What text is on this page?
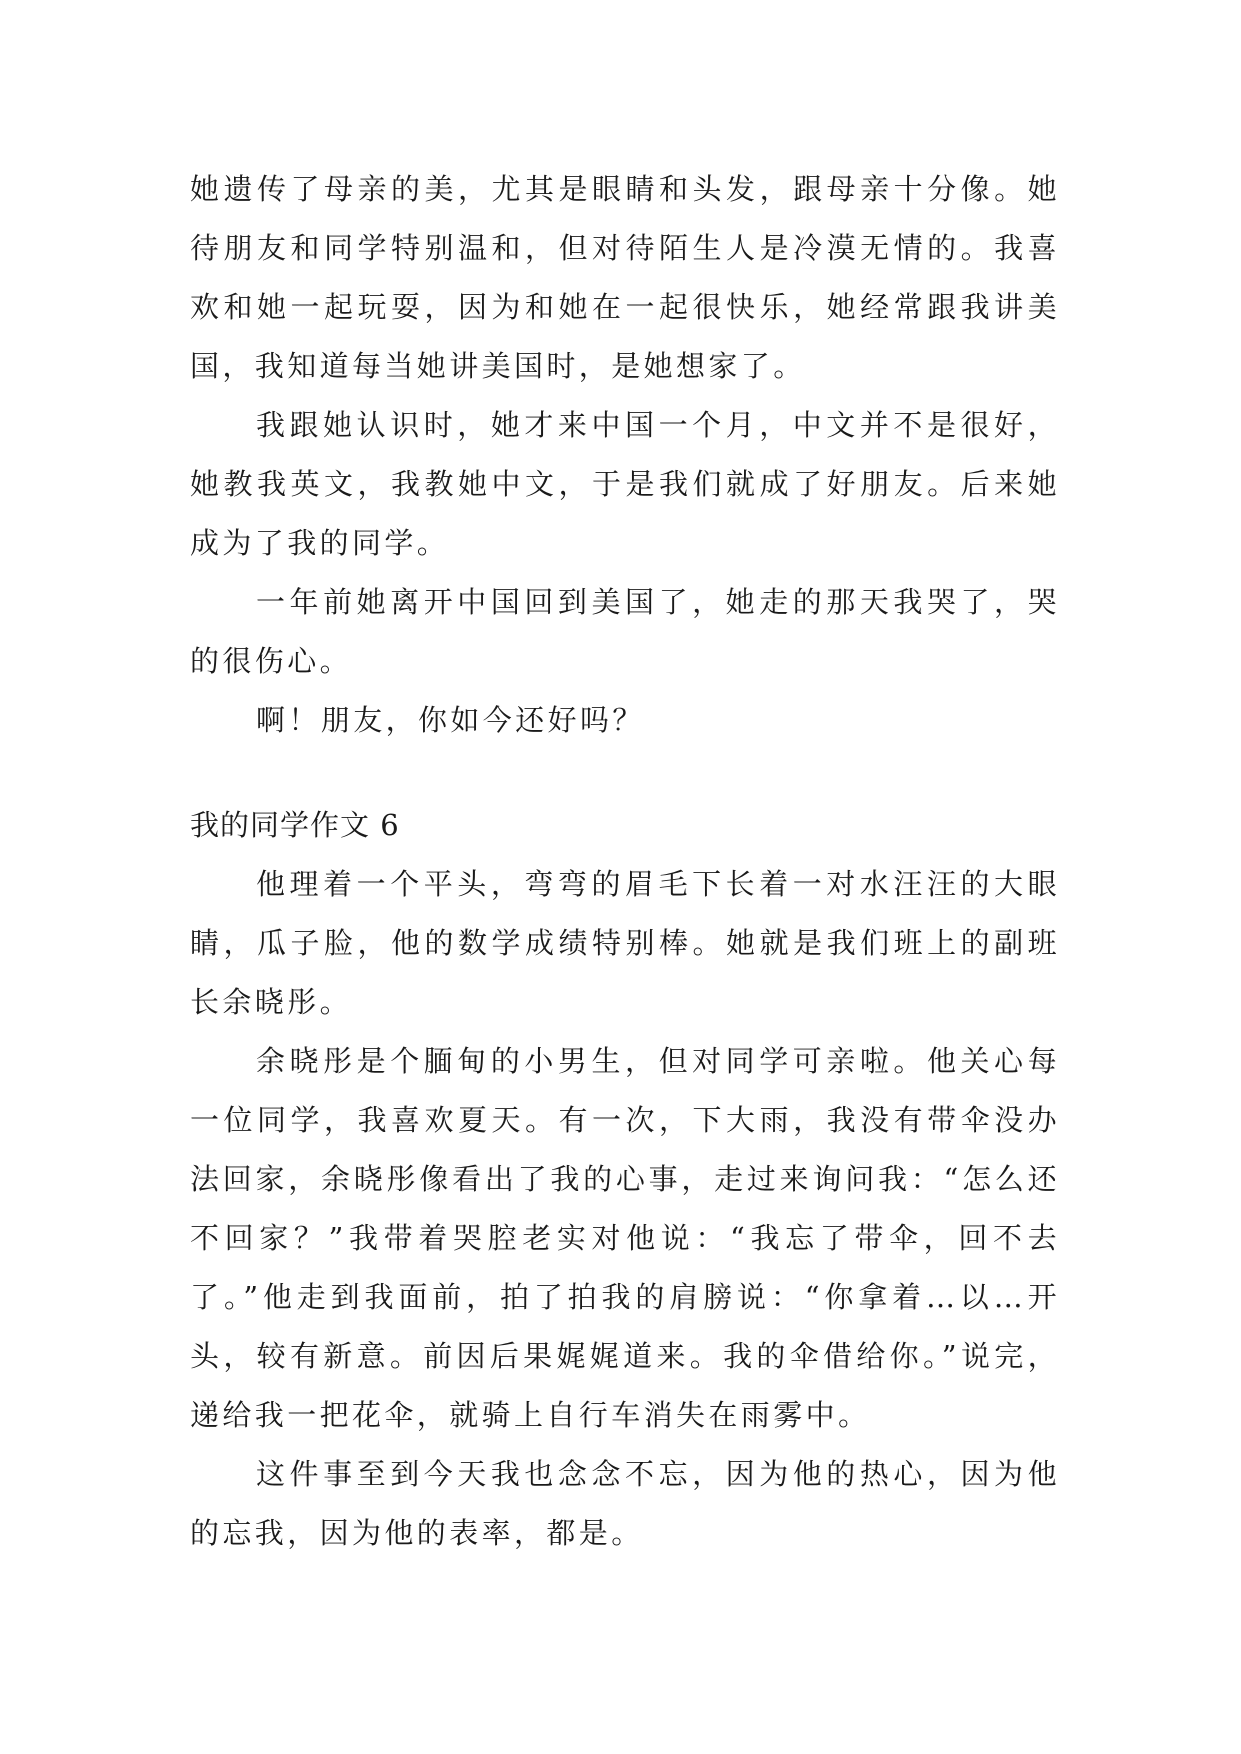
她遗传了母亲的美，尤其是眼睛和头发，跟母亲十分像。她待朋友和同学特别温和，但对待陌生人是冷漠无情的。我喜欢和她一起玩耍，因为和她在一起很快乐，她经常跟我讲美国，我知道每当她讲美国时，是她想家了。

我跟她认识时，她才来中国一个月，中文并不是很好，她教我英文，我教她中文，于是我们就成了好朋友。后来她成为了我的同学。

一年前她离开中国回到美国了，她走的那天我哭了，哭的很伤心。

啊！朋友，你如今还好吗？

我的同学作文 6

他理着一个平头，弯弯的眉毛下长着一对水汪汪的大眼睛，瓜子脸，他的数学成绩特别棒。她就是我们班上的副班长余晓彤。

余晓彤是个腼甸的小男生，但对同学可亲啦。他关心每一位同学，我喜欢夏天。有一次，下大雨，我没有带伞没办法回家，余晓彤像看出了我的心事，走过来询问我：“怎么还不回家？”我带着哭腔老实对他说：“我忘了带伞，回不去了。”他走到我面前，拍了拍我的肩膀说：“你拿着…以…开头，较有新意。前因后果娓娓道来。我的伞借给你。”说完，递给我一把花伞，就骑上自行车消失在雨雾中。

这件事至到今天我也念念不忘，因为他的热心，因为他的忘我，因为他的表率，都是。
